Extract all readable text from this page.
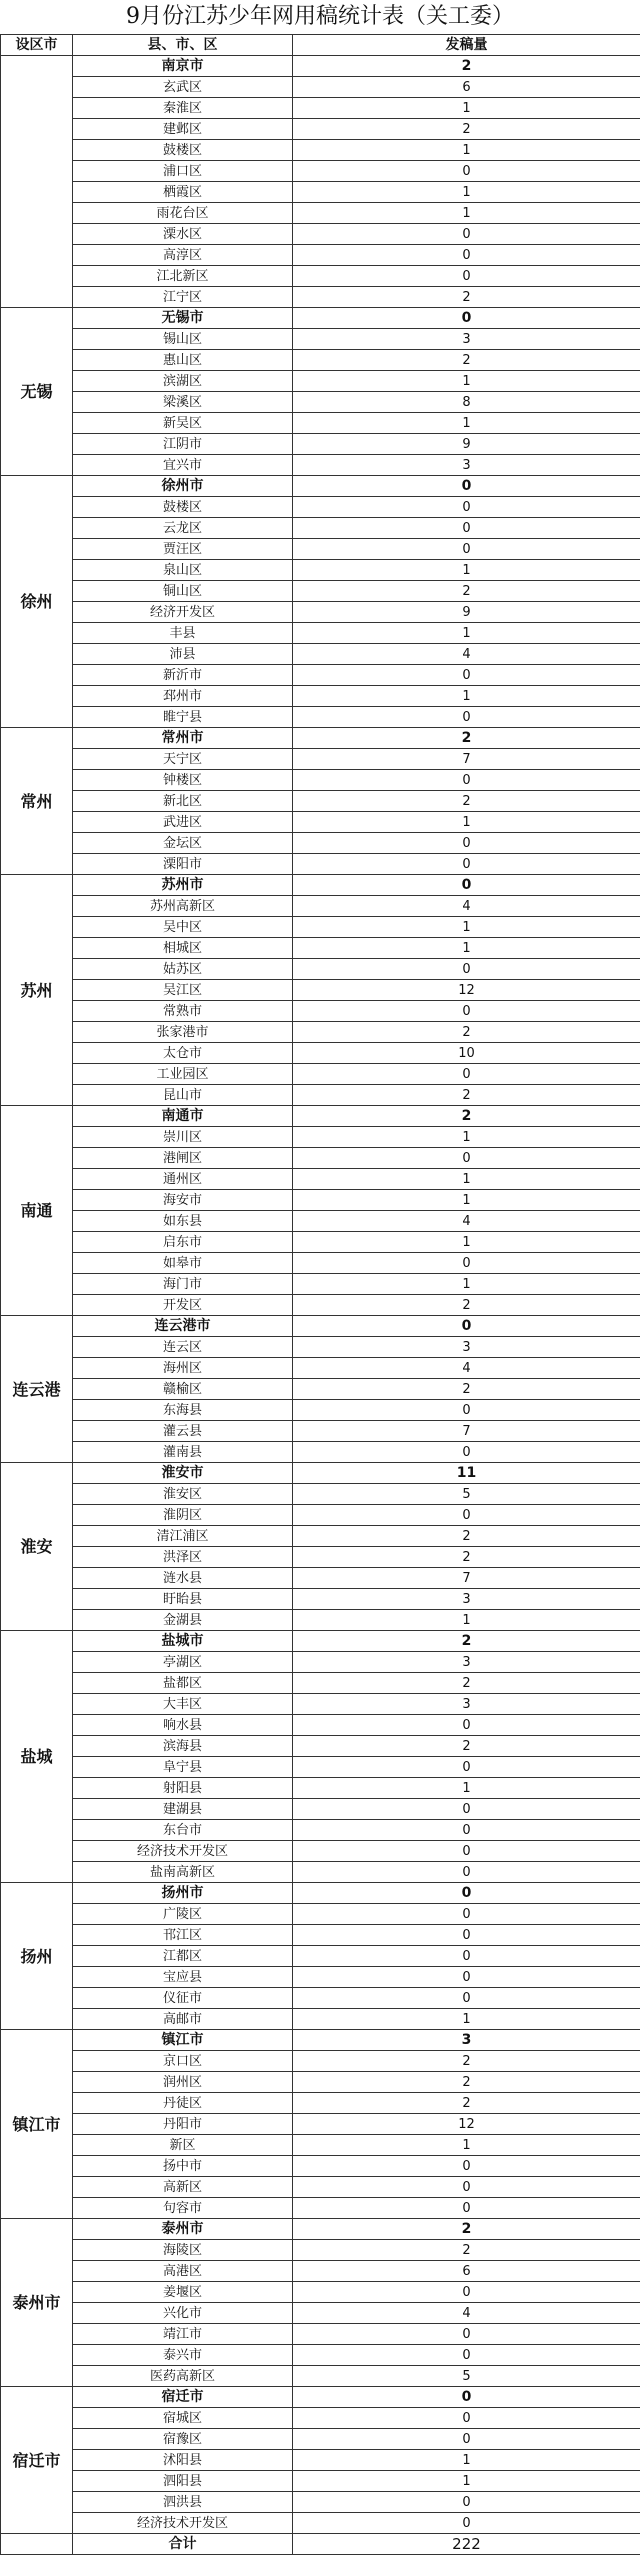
9月份江苏少年网用稿统计表（关工委）
设区市	县、市、区	发稿量
	南京市	2
	玄武区	6
	秦淮区	1
	建邺区	2
	鼓楼区	1
	浦口区	0
	栖霞区	1
	雨花台区	1
	溧水区	0
	高淳区	0
	江北新区	0
	江宁区	2
无锡	无锡市	0
	锡山区	3
	惠山区	2
	滨湖区	1
	梁溪区	8
	新吴区	1
	江阴市	9
	宜兴市	3
徐州	徐州市	0
	鼓楼区	0
	云龙区	0
	贾汪区	0
	泉山区	1
	铜山区	2
	经济开发区	9
	丰县	1
	沛县	4
	新沂市	0
	邳州市	1
	睢宁县	0
常州	常州市	2
	天宁区	7
	钟楼区	0
	新北区	2
	武进区	1
	金坛区	0
	溧阳市	0
苏州	苏州市	0
	苏州高新区	4
	吴中区	1
	相城区	1
	姑苏区	0
	吴江区	12
	常熟市	0
	张家港市	2
	太仓市	10
	工业园区	0
	昆山市	2
南通	南通市	2
	崇川区	1
	港闸区	0
	通州区	1
	海安市	1
	如东县	4
	启东市	1
	如皋市	0
	海门市	1
	开发区	2
连云港	连云港市	0
	连云区	3
	海州区	4
	赣榆区	2
	东海县	0
	灌云县	7
	灌南县	0
淮安	淮安市	11
	淮安区	5
	淮阴区	0
	清江浦区	2
	洪泽区	2
	涟水县	7
	盱眙县	3
	金湖县	1
盐城	盐城市	2
	亭湖区	3
	盐都区	2
	大丰区	3
	响水县	0
	滨海县	2
	阜宁县	0
	射阳县	1
	建湖县	0
	东台市	0
	经济技术开发区	0
	盐南高新区	0
扬州	扬州市	0
	广陵区	0
	邗江区	0
	江都区	0
	宝应县	0
	仪征市	0
	高邮市	1
镇江市	镇江市	3
	京口区	2
	润州区	2
	丹徒区	2
	丹阳市	12
	新区	1
	扬中市	0
	高新区	0
	句容市	0
泰州市	泰州市	2
	海陵区	2
	高港区	6
	姜堰区	0
	兴化市	4
	靖江市	0
	泰兴市	0
	医药高新区	5
宿迁市	宿迁市	0
	宿城区	0
	宿豫区	0
	沭阳县	1
	泗阳县	1
	泗洪县	0
	经济技术开发区	0
	合计	222
